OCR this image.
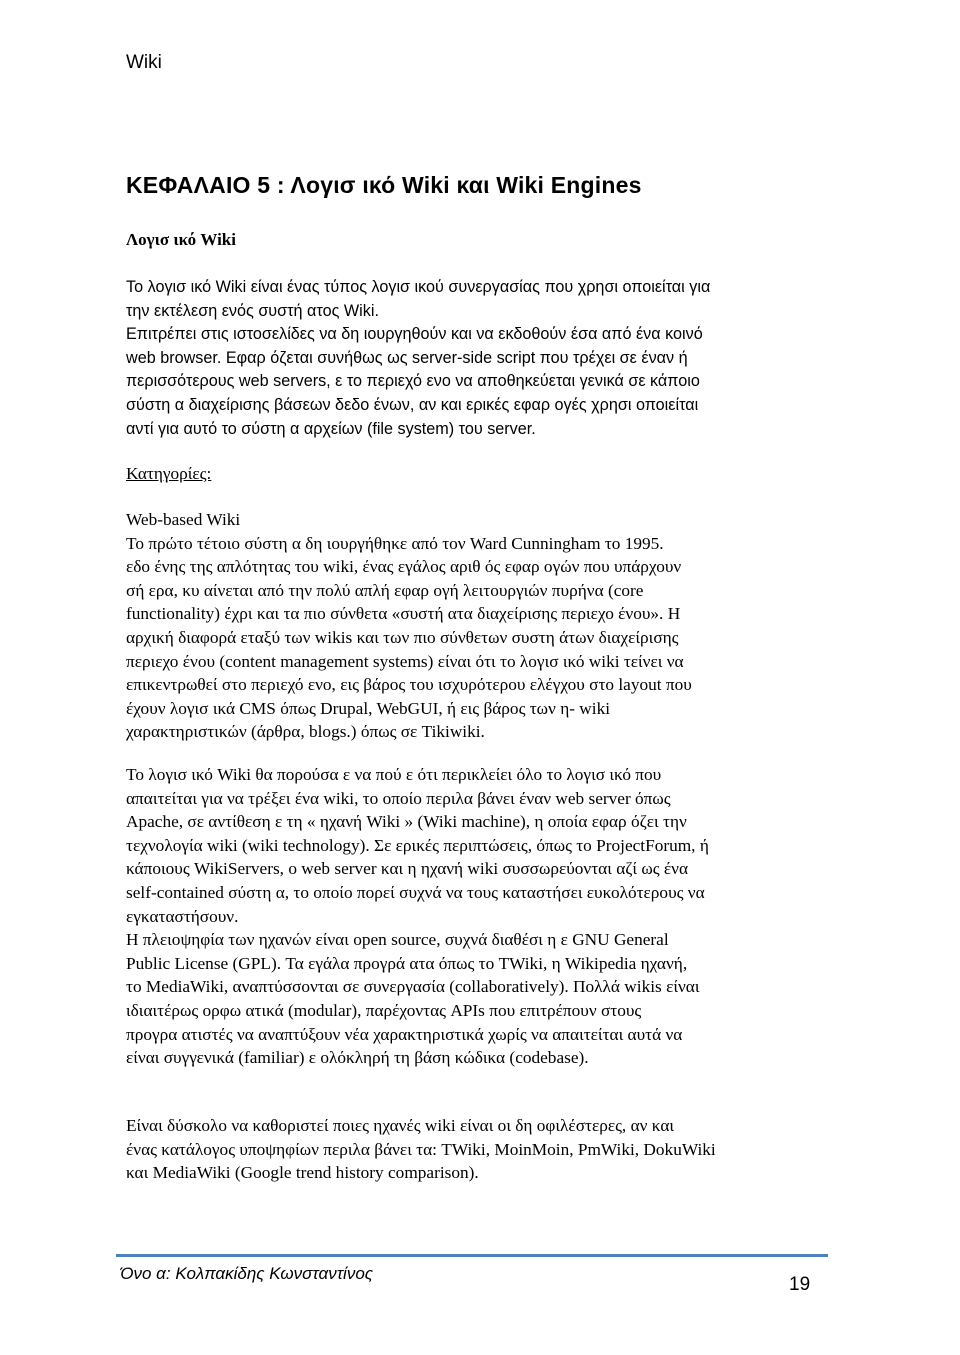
Wiki
ΚΕΦΑΛΑΙΟ 5 : Λογισ ικό Wiki και Wiki Engines
Λογισ ικό Wiki
Το λογισ ικό Wiki είναι ένας τύπος λογισ ικού συνεργασίας που χρησι οποιείται για
την εκτέλεση ενός συστή ατος Wiki.
Επιτρέπει στις ιστοσελίδες να δη ιουργηθούν και να εκδοθούν έσα από ένα κοινό
web browser. Εφαρ όζεται συνήθως ως server-side script που τρέχει σε έναν ή
περισσότερους web servers, ε το περιεχό ενο να αποθηκεύεται γενικά σε κάποιο
σύστη α διαχείρισης βάσεων δεδο ένων, αν και ερικές εφαρ ογές χρησι οποιείται
αντί για αυτό το σύστη α αρχείων (file system) του server.
Κατηγορίες:
Web-based Wiki
Το πρώτο τέτοιο σύστη α δη ιουργήθηκε από τον Ward Cunningham το 1995.
εδο ένης της απλότητας του wiki, ένας εγάλος αριθ ός εφαρ ογών που υπάρχουν
σή ερα, κυ αίνεται από την πολύ απλή εφαρ ογή λειτουργιών πυρήνα (core
functionality) έχρι και τα πιο σύνθετα «συστή ατα διαχείρισης περιεχο ένου». Η
αρχική διαφορά εταξύ των wikis και των πιο σύνθετων συστη άτων διαχείρισης
περιεχο ένου (content management systems) είναι ότι το λογισ ικό wiki τείνει να
επικεντρωθεί στο περιεχό ενο, εις βάρος του ισχυρότερου ελέγχου στο layout που
έχουν λογισ ικά CMS όπως Drupal, WebGUI, ή εις βάρος των η- wiki
χαρακτηριστικών (άρθρα, blogs.) όπως σε Tikiwiki.
Το λογισ ικό Wiki θα πορούσα ε να πού ε ότι περικλείει όλο το λογισ ικό που
απαιτείται για να τρέξει ένα wiki, το οποίο περιλα βάνει έναν web server όπως
Apache, σε αντίθεση ε τη « ηχανή Wiki » (Wiki machine), η οποία εφαρ όζει την
τεχνολογία wiki (wiki technology). Σε ερικές περιπτώσεις, όπως το ProjectForum, ή
κάποιους WikiServers, ο web server και η ηχανή wiki συσσωρεύονται αζί ως ένα
self-contained σύστη α, το οποίο πορεί συχνά να τους καταστήσει ευκολότερους να
εγκαταστήσουν.
Η πλειοψηφία των ηχανών είναι open source, συχνά διαθέσι η ε GNU General
Public License (GPL). Τα εγάλα προγρά ατα όπως το TWiki, η Wikipedia ηχανή,
το MediaWiki, αναπτύσσονται σε συνεργασία (collaboratively). Πολλά wikis είναι
ιδιαιτέρως ορφω ατικά (modular), παρέχοντας APIs που επιτρέπουν στους
προγρα ατιστές να αναπτύξουν νέα χαρακτηριστικά χωρίς να απαιτείται αυτά να
είναι συγγενικά (familiar) ε ολόκληρή τη βάση κώδικα (codebase).
Είναι δύσκολο να καθοριστεί ποιες ηχανές wiki είναι οι δη οφιλέστερες, αν και
ένας κατάλογος υποψηφίων περιλα βάνει τα: TWiki, MoinMoin, PmWiki, DokuWiki
και MediaWiki (Google trend history comparison).
Όνο α: Κολπακίδης Κωνσταντίνος
19
